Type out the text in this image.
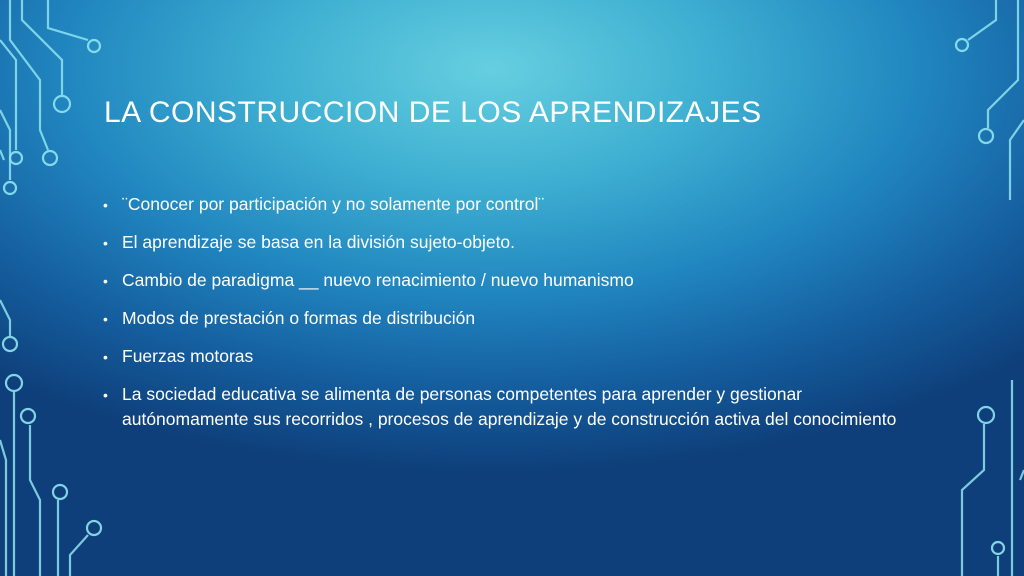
LA CONSTRUCCION DE LOS APRENDIZAJES
• ¨Conocer por participación y no solamente por control¨
• El aprendizaje se basa en la división sujeto-objeto.
• Cambio de paradigma __ nuevo renacimiento / nuevo humanismo
• Modos de prestación o formas de distribución
• Fuerzas motoras
• La sociedad educativa se alimenta de personas competentes para aprender y gestionar autónomamente sus recorridos , procesos de aprendizaje y de construcción activa del conocimiento
